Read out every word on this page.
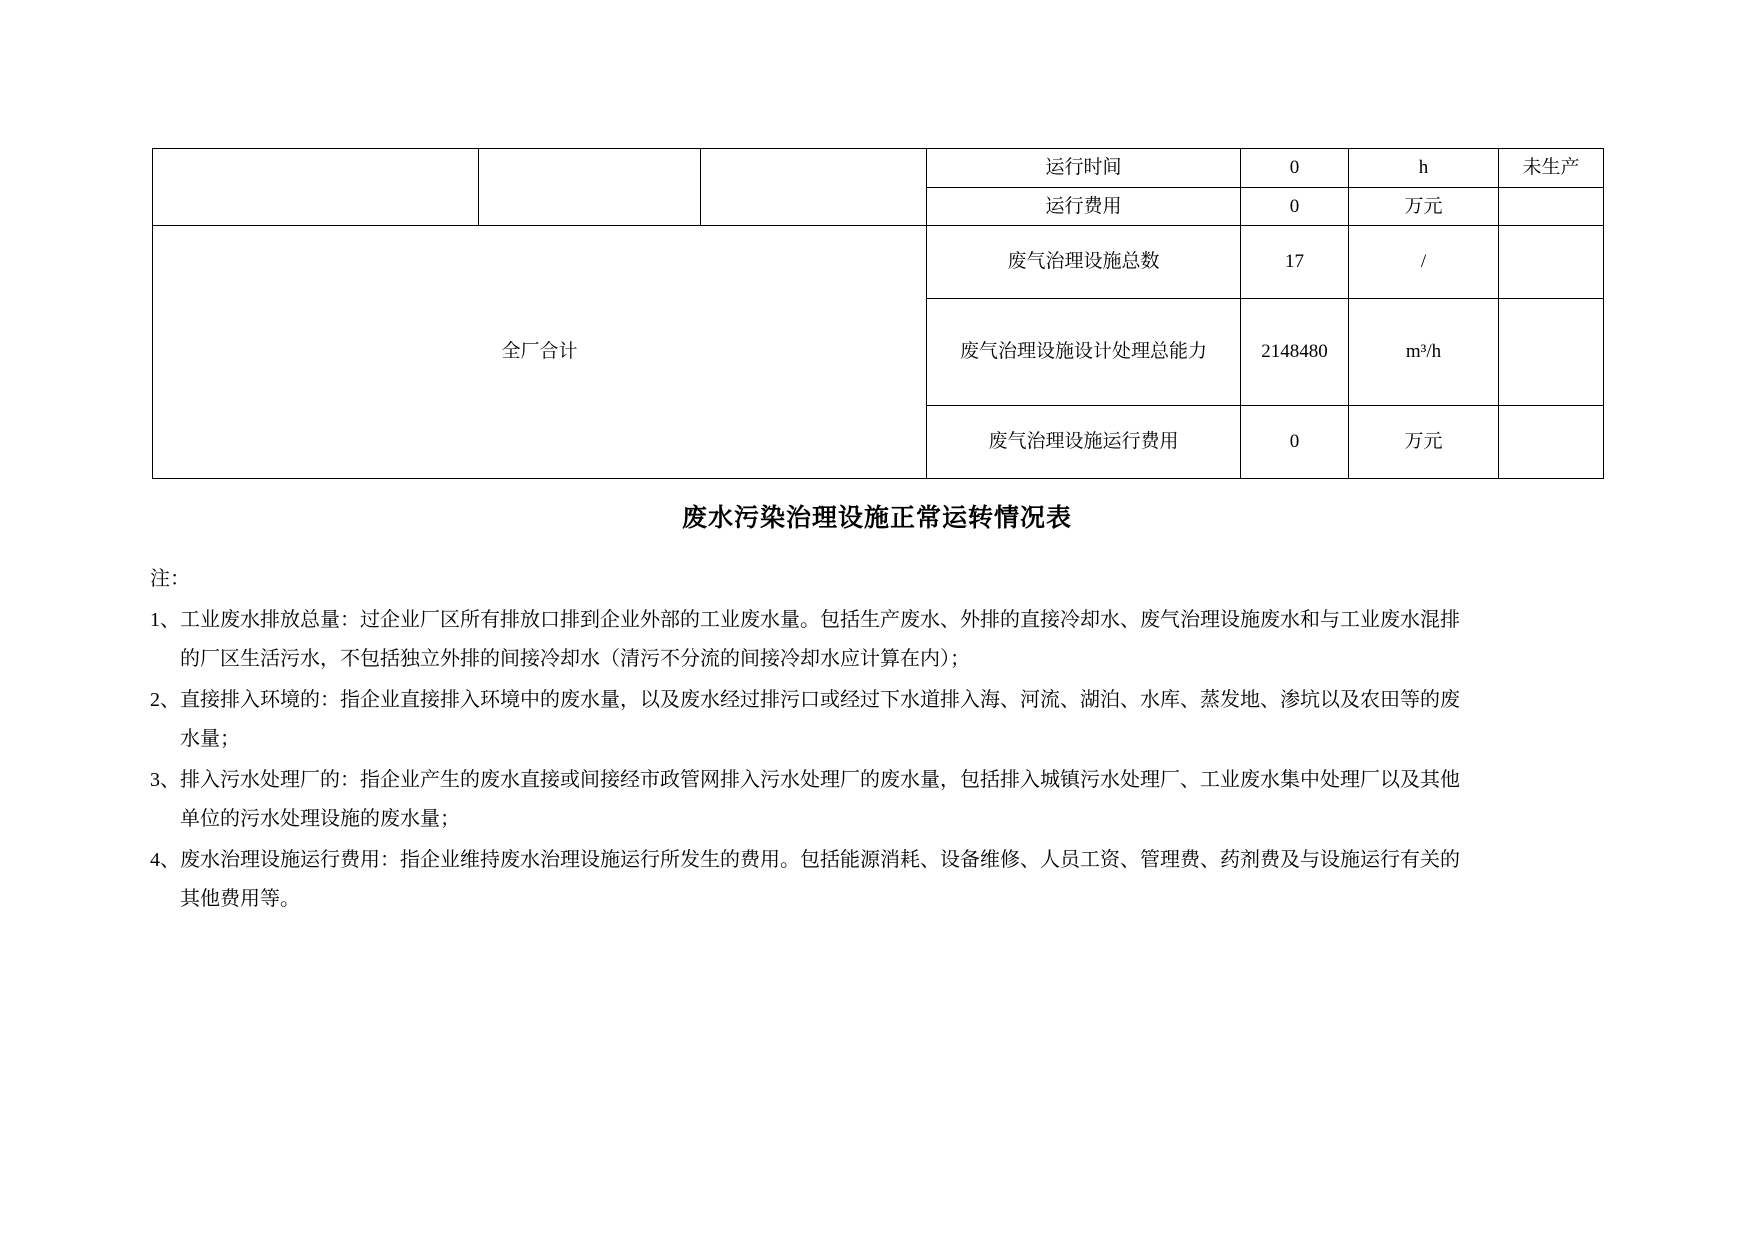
			运行时间	0	h	未生产
			运行费用	0	万元	
全厂合计			废气治理设施总数	17	/	
			废气治理设施设计处理总能力	2148480	m³/h	
			废气治理设施运行费用	0	万元	
废水污染治理设施正常运转情况表

注：

1、工业废水排放总量：过企业厂区所有排放口排到企业外部的工业废水量。包括生产废水、外排的直接冷却水、废气治理设施废水和与工业废水混排
的厂区生活污水，不包括独立外排的间接冷却水（清污不分流的间接冷却水应计算在内）；

2、直接排入环境的：指企业直接排入环境中的废水量，以及废水经过排污口或经过下水道排入海、河流、湖泊、水库、蒸发地、渗坑以及农田等的废
水量；

3、排入污水处理厂的：指企业产生的废水直接或间接经市政管网排入污水处理厂的废水量，包括排入城镇污水处理厂、工业废水集中处理厂以及其他
单位的污水处理设施的废水量；

4、废水治理设施运行费用：指企业维持废水治理设施运行所发生的费用。包括能源消耗、设备维修、人员工资、管理费、药剂费及与设施运行有关的
其他费用等。
